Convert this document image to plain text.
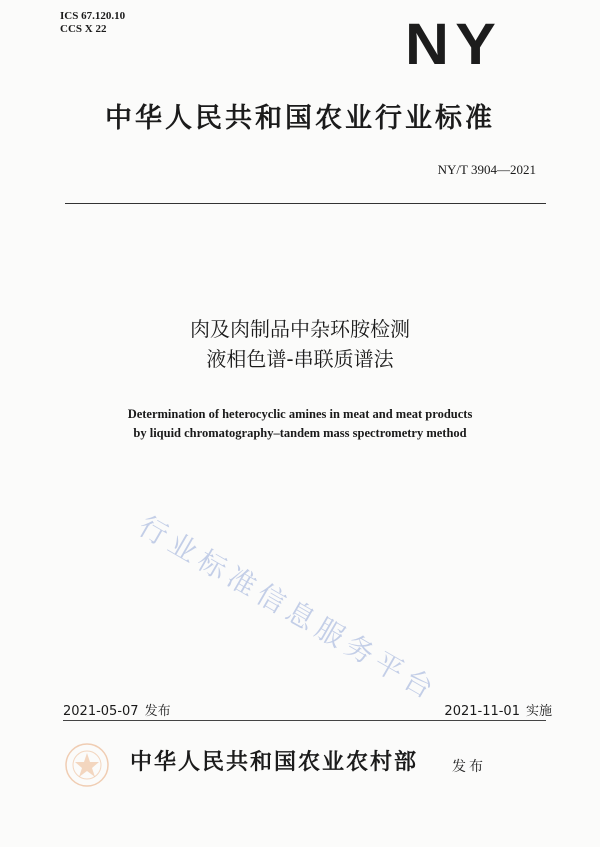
ICS 67.120.10
CCS X 22	NY
中华人民共和国农业行业标准
NY/T 3904—2021
肉及肉制品中杂环胺检测
液相色谱-串联质谱法
Determination of heterocyclic amines in meat and meat products
by liquid chromatography–tandem mass spectrometry method
行业标准信息服务平台
2021-05-07 发布	2021-11-01 实施
中华人民共和国农业农村部 发布
